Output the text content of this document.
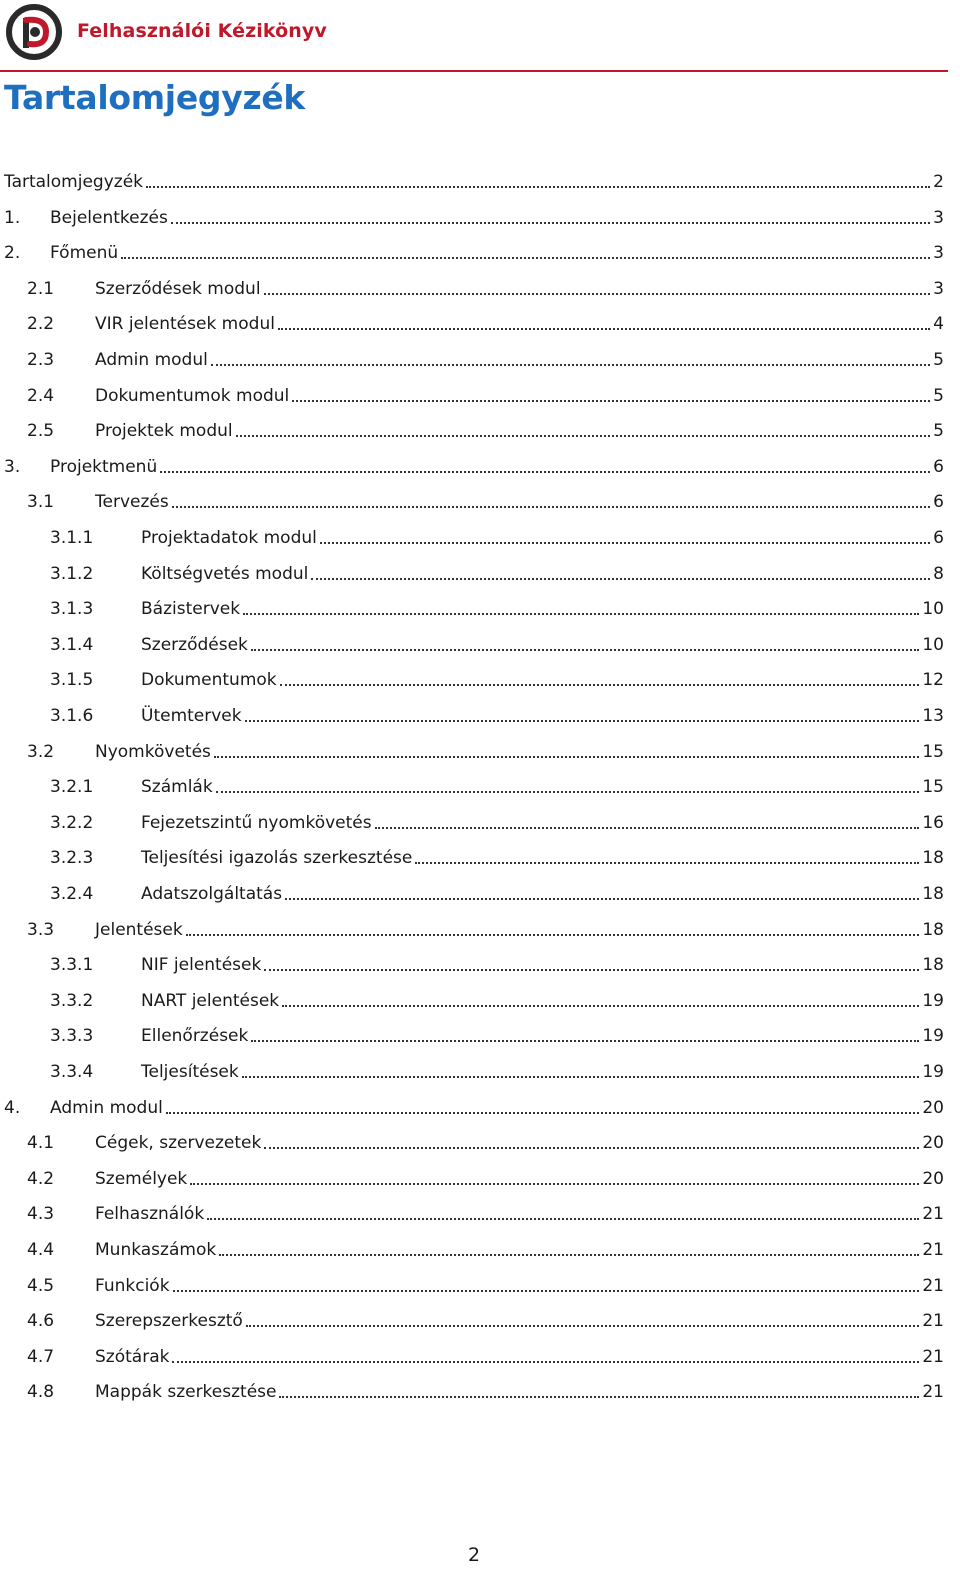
Felhasználói Kézikönyv
Tartalomjegyzék
Tartalomjegyzék	2
1.	Bejelentkezés	3
2.	Főmenü	3
2.1	Szerződések modul	3
2.2	VIR jelentések modul	4
2.3	Admin modul	5
2.4	Dokumentumok modul	5
2.5	Projektek modul	5
3.	Projektmenü	6
3.1	Tervezés	6
3.1.1	Projektadatok modul	6
3.1.2	Költségvetés modul	8
3.1.3	Bázistervek	10
3.1.4	Szerződések	10
3.1.5	Dokumentumok	12
3.1.6	Ütemtervek	13
3.2	Nyomkövetés	15
3.2.1	Számlák	15
3.2.2	Fejezetszintű nyomkövetés	16
3.2.3	Teljesítési igazolás szerkesztése	18
3.2.4	Adatszolgáltatás	18
3.3	Jelentések	18
3.3.1	NIF jelentések	18
3.3.2	NART jelentések	19
3.3.3	Ellenőrzések	19
3.3.4	Teljesítések	19
4.	Admin modul	20
4.1	Cégek, szervezetek	20
4.2	Személyek	20
4.3	Felhasználók	21
4.4	Munkaszámok	21
4.5	Funkciók	21
4.6	Szerepszerkesztő	21
4.7	Szótárak	21
4.8	Mappák szerkesztése	21
2
